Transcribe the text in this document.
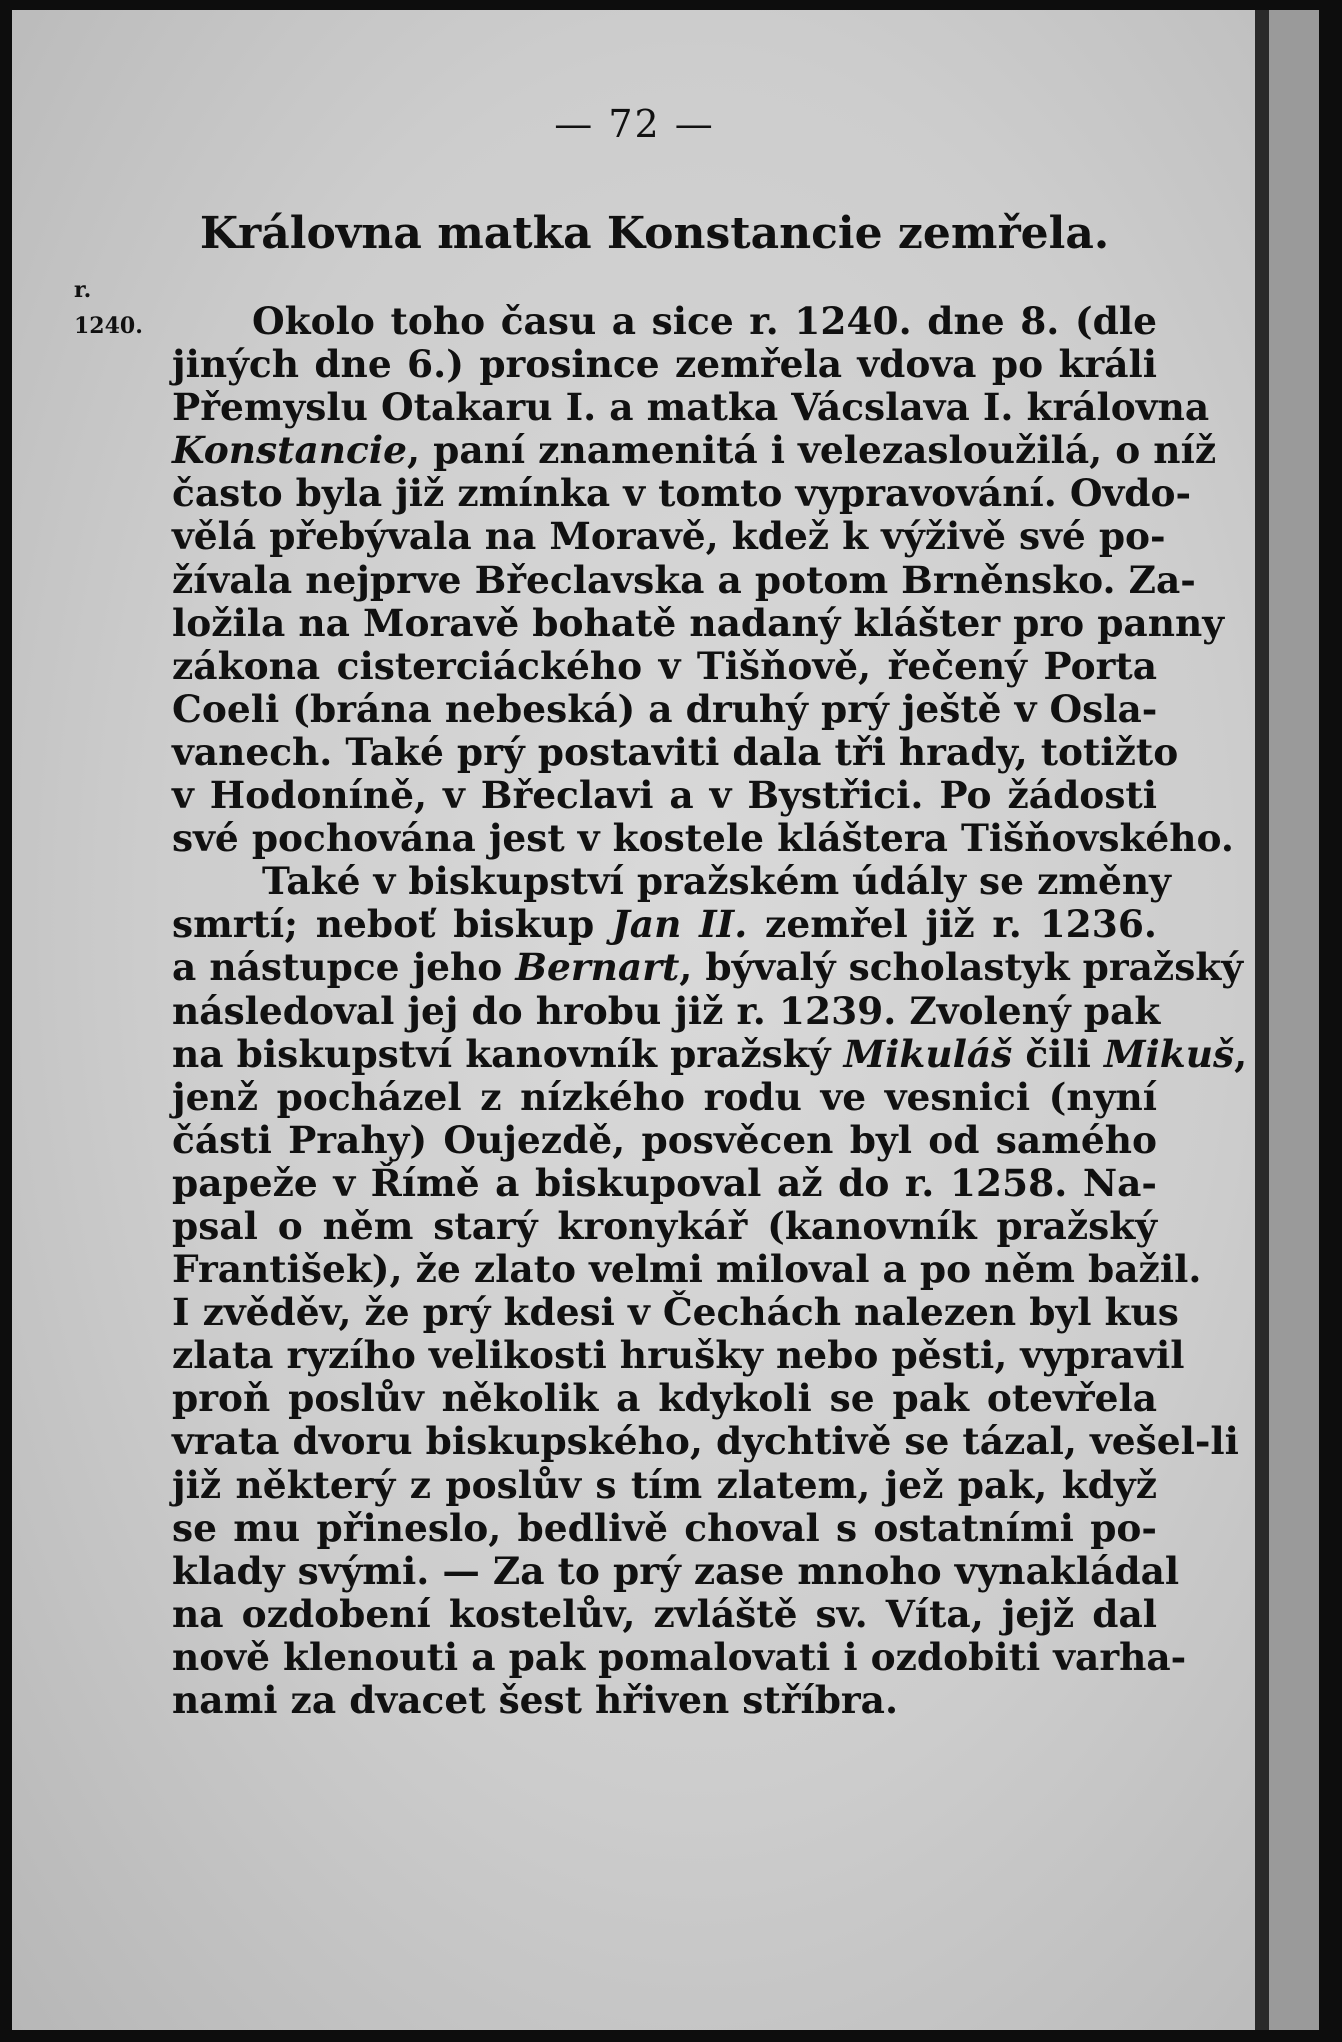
— 72 —
Královna matka Konstancie zemřela.
r.
1240.	Okolo toho času a sice r. 1240. dne 8. (dle
jiných dne 6.) prosince zemřela vdova po králi
Přemyslu Otakaru I. a matka Vácslava I. královna
Konstancie, paní znamenitá i velezasloužilá, o níž
často byla již zmínka v tomto vypravování. Ovdo-
vělá přebývala na Moravě, kdež k výživě své po-
žívala nejprve Břeclavska a potom Brněnsko. Za-
ložila na Moravě bohatě nadaný klášter pro panny
zákona cisterciáckého v Tišňově, řečený Porta
Coeli (brána nebeská) a druhý prý ještě v Osla-
vanech. Také prý postaviti dala tři hrady, totižto
v Hodoníně, v Břeclavi a v Bystřici. Po žádosti
své pochována jest v kostele kláštera Tišňovského.
Také v biskupství pražském údály se změny
smrtí; neboť biskup Jan II. zemřel již r. 1236.
a nástupce jeho Bernart, bývalý scholastyk pražský
následoval jej do hrobu již r. 1239. Zvolený pak
na biskupství kanovník pražský Mikuláš čili Mikuš,
jenž pocházel z nízkého rodu ve vesnici (nyní
části Prahy) Oujezdě, posvěcen byl od samého
papeže v Římě a biskupoval až do r. 1258. Na-
psal o něm starý kronykář (kanovník pražský
František), že zlato velmi miloval a po něm bažil.
I zvěděv, že prý kdesi v Čechách nalezen byl kus
zlata ryzího velikosti hrušky nebo pěsti, vypravil
proň poslův několik a kdykoli se pak otevřela
vrata dvoru biskupského, dychtivě se tázal, vešel-li
již některý z poslův s tím zlatem, jež pak, když
se mu přineslo, bedlivě choval s ostatními po-
klady svými. — Za to prý zase mnoho vynakládal
na ozdobení kostelův, zvláště sv. Víta, jejž dal
nově klenouti a pak pomalovati i ozdobiti varha-
nami za dvacet šest hřiven stříbra.
